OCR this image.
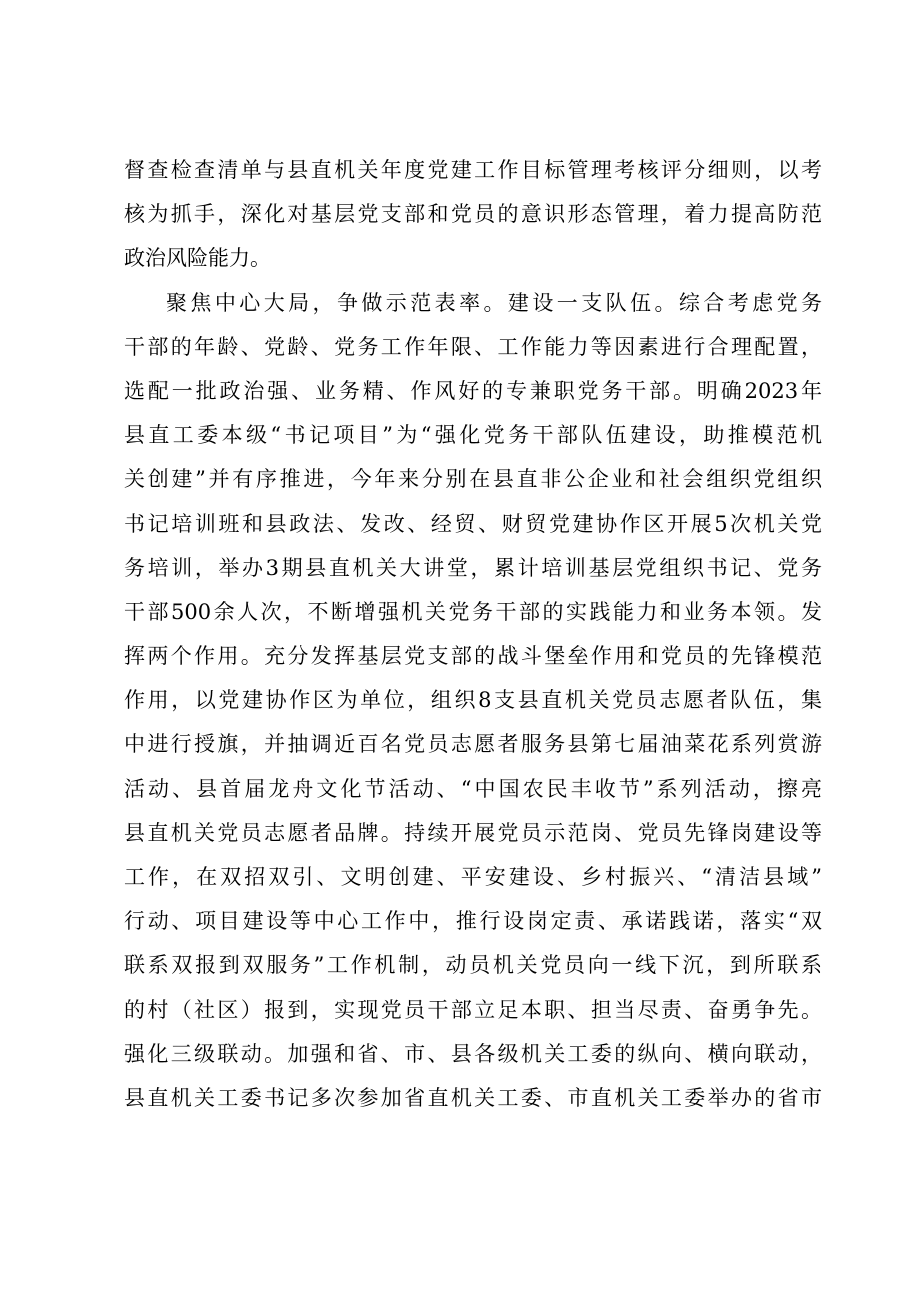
督查检查清单与县直机关年度党建工作目标管理考核评分细则，以考
核为抓手，深化对基层党支部和党员的意识形态管理，着力提高防范
政治风险能力。
聚焦中心大局，争做示范表率。建设一支队伍。综合考虑党务
干部的年龄、党龄、党务工作年限、工作能力等因素进行合理配置，
选配一批政治强、业务精、作风好的专兼职党务干部。明确2023年
县直工委本级“书记项目”为“强化党务干部队伍建设，助推模范机
关创建”并有序推进，今年来分别在县直非公企业和社会组织党组织
书记培训班和县政法、发改、经贸、财贸党建协作区开展5次机关党
务培训，举办3期县直机关大讲堂，累计培训基层党组织书记、党务
干部500余人次，不断增强机关党务干部的实践能力和业务本领。发
挥两个作用。充分发挥基层党支部的战斗堡垒作用和党员的先锋模范
作用，以党建协作区为单位，组织8支县直机关党员志愿者队伍，集
中进行授旗，并抽调近百名党员志愿者服务县第七届油菜花系列赏游
活动、县首届龙舟文化节活动、“中国农民丰收节”系列活动，擦亮
县直机关党员志愿者品牌。持续开展党员示范岗、党员先锋岗建设等
工作，在双招双引、文明创建、平安建设、乡村振兴、“清洁县域”
行动、项目建设等中心工作中，推行设岗定责、承诺践诺，落实“双
联系双报到双服务”工作机制，动员机关党员向一线下沉，到所联系
的村（社区）报到，实现党员干部立足本职、担当尽责、奋勇争先。
强化三级联动。加强和省、市、县各级机关工委的纵向、横向联动，
县直机关工委书记多次参加省直机关工委、市直机关工委举办的省市
